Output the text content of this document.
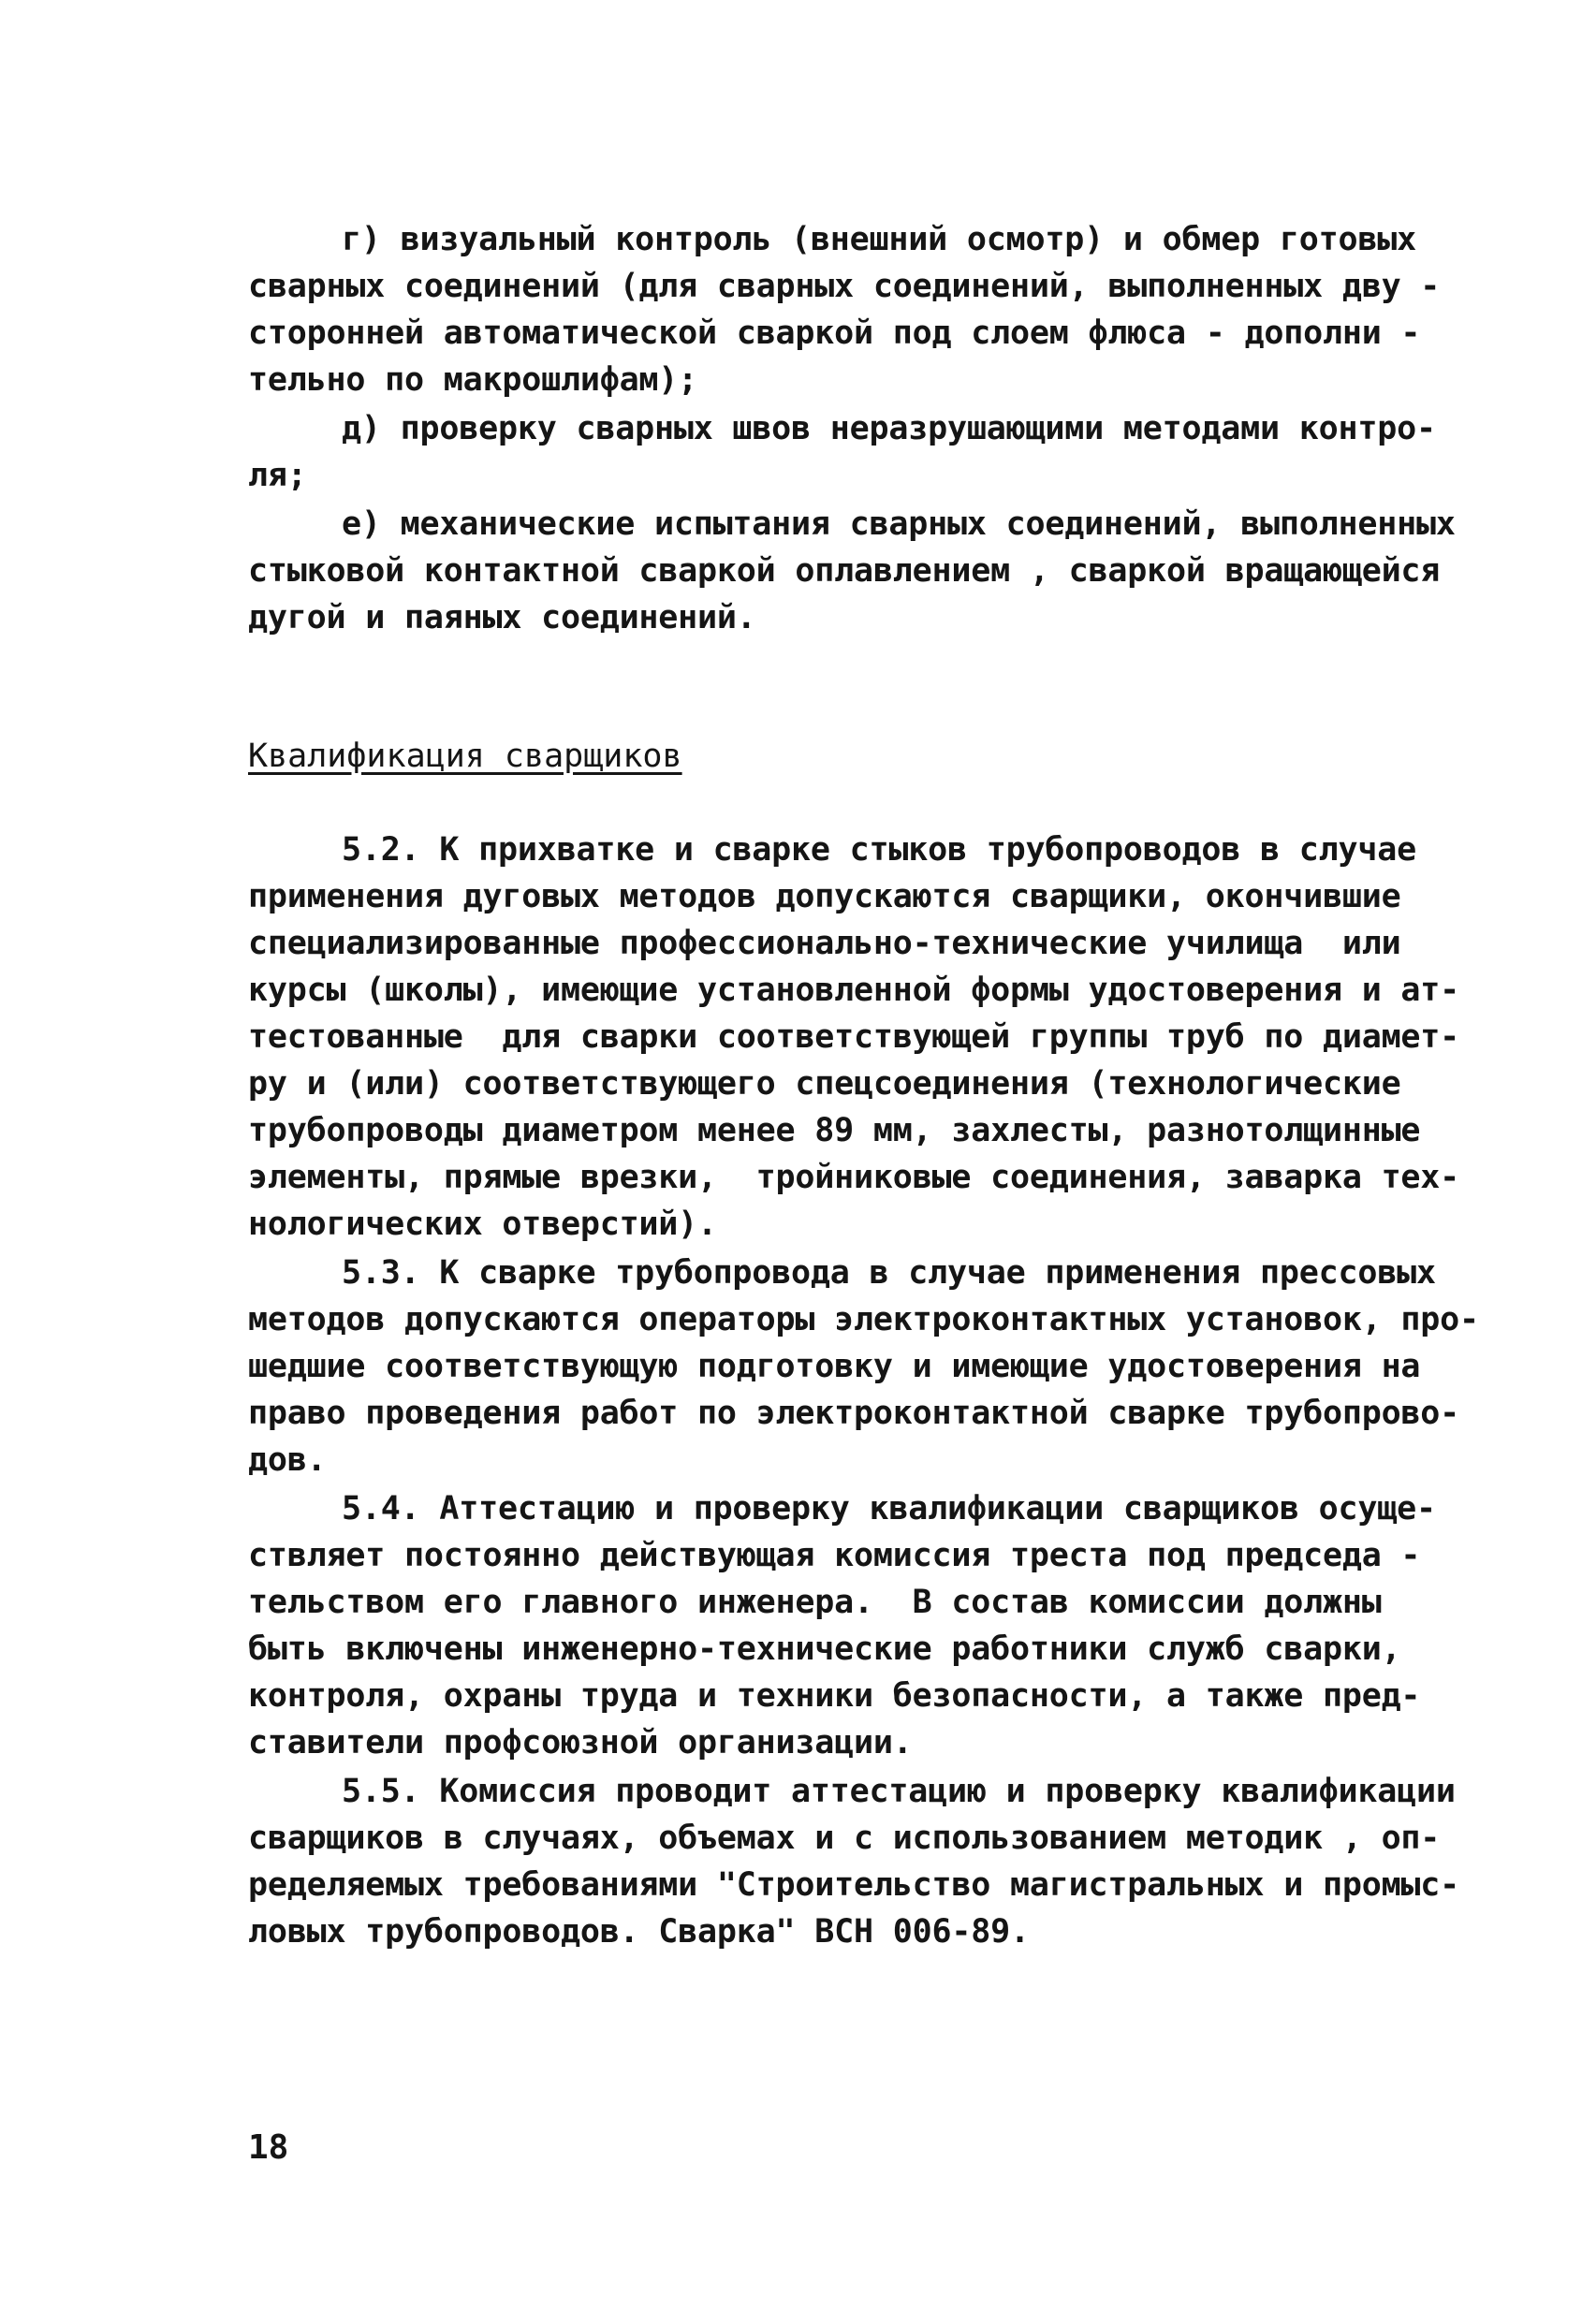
г) визуальный контроль (внешний осмотр) и обмер готовых

сварных соединений (для сварных соединений, выполненных дву -

сторонней автоматической сваркой под слоем флюса - дополни -

тельно по макрошлифам);

д) проверку сварных швов неразрушающими методами контро-

ля;

е) механические испытания сварных соединений, выполненных

стыковой контактной сваркой оплавлением , сваркой вращающейся

дугой и паяных соединений.

Квалификация сварщиков

5.2. К прихватке и сварке стыков трубопроводов в случае

применения дуговых методов допускаются сварщики, окончившие

специализированные профессионально-технические училища  или

курсы (школы), имеющие установленной формы удостоверения и ат-

тестованные  для сварки соответствующей группы труб по диамет-

ру и (или) соответствующего спецсоединения (технологические

трубопроводы диаметром менее 89 мм, захлесты, разнотолщинные

элементы, прямые врезки,  тройниковые соединения, заварка тех-

нологических отверстий).

5.3. К сварке трубопровода в случае применения прессовых

методов допускаются операторы электроконтактных установок, про-

шедшие соответствующую подготовку и имеющие удостоверения на

право проведения работ по электроконтактной сварке трубопрово-

дов.

5.4. Аттестацию и проверку квалификации сварщиков осуще-

ствляет постоянно действующая комиссия треста под председа -

тельством его главного инженера.  В состав комиссии должны

быть включены инженерно-технические работники служб сварки,

контроля, охраны труда и техники безопасности, а также пред-

ставители профсоюзной организации.

5.5. Комиссия проводит аттестацию и проверку квалификации

сварщиков в случаях, объемах и с использованием методик , оп-

ределяемых требованиями "Строительство магистральных и промыс-

ловых трубопроводов. Сварка" ВСН 006-89.

18
